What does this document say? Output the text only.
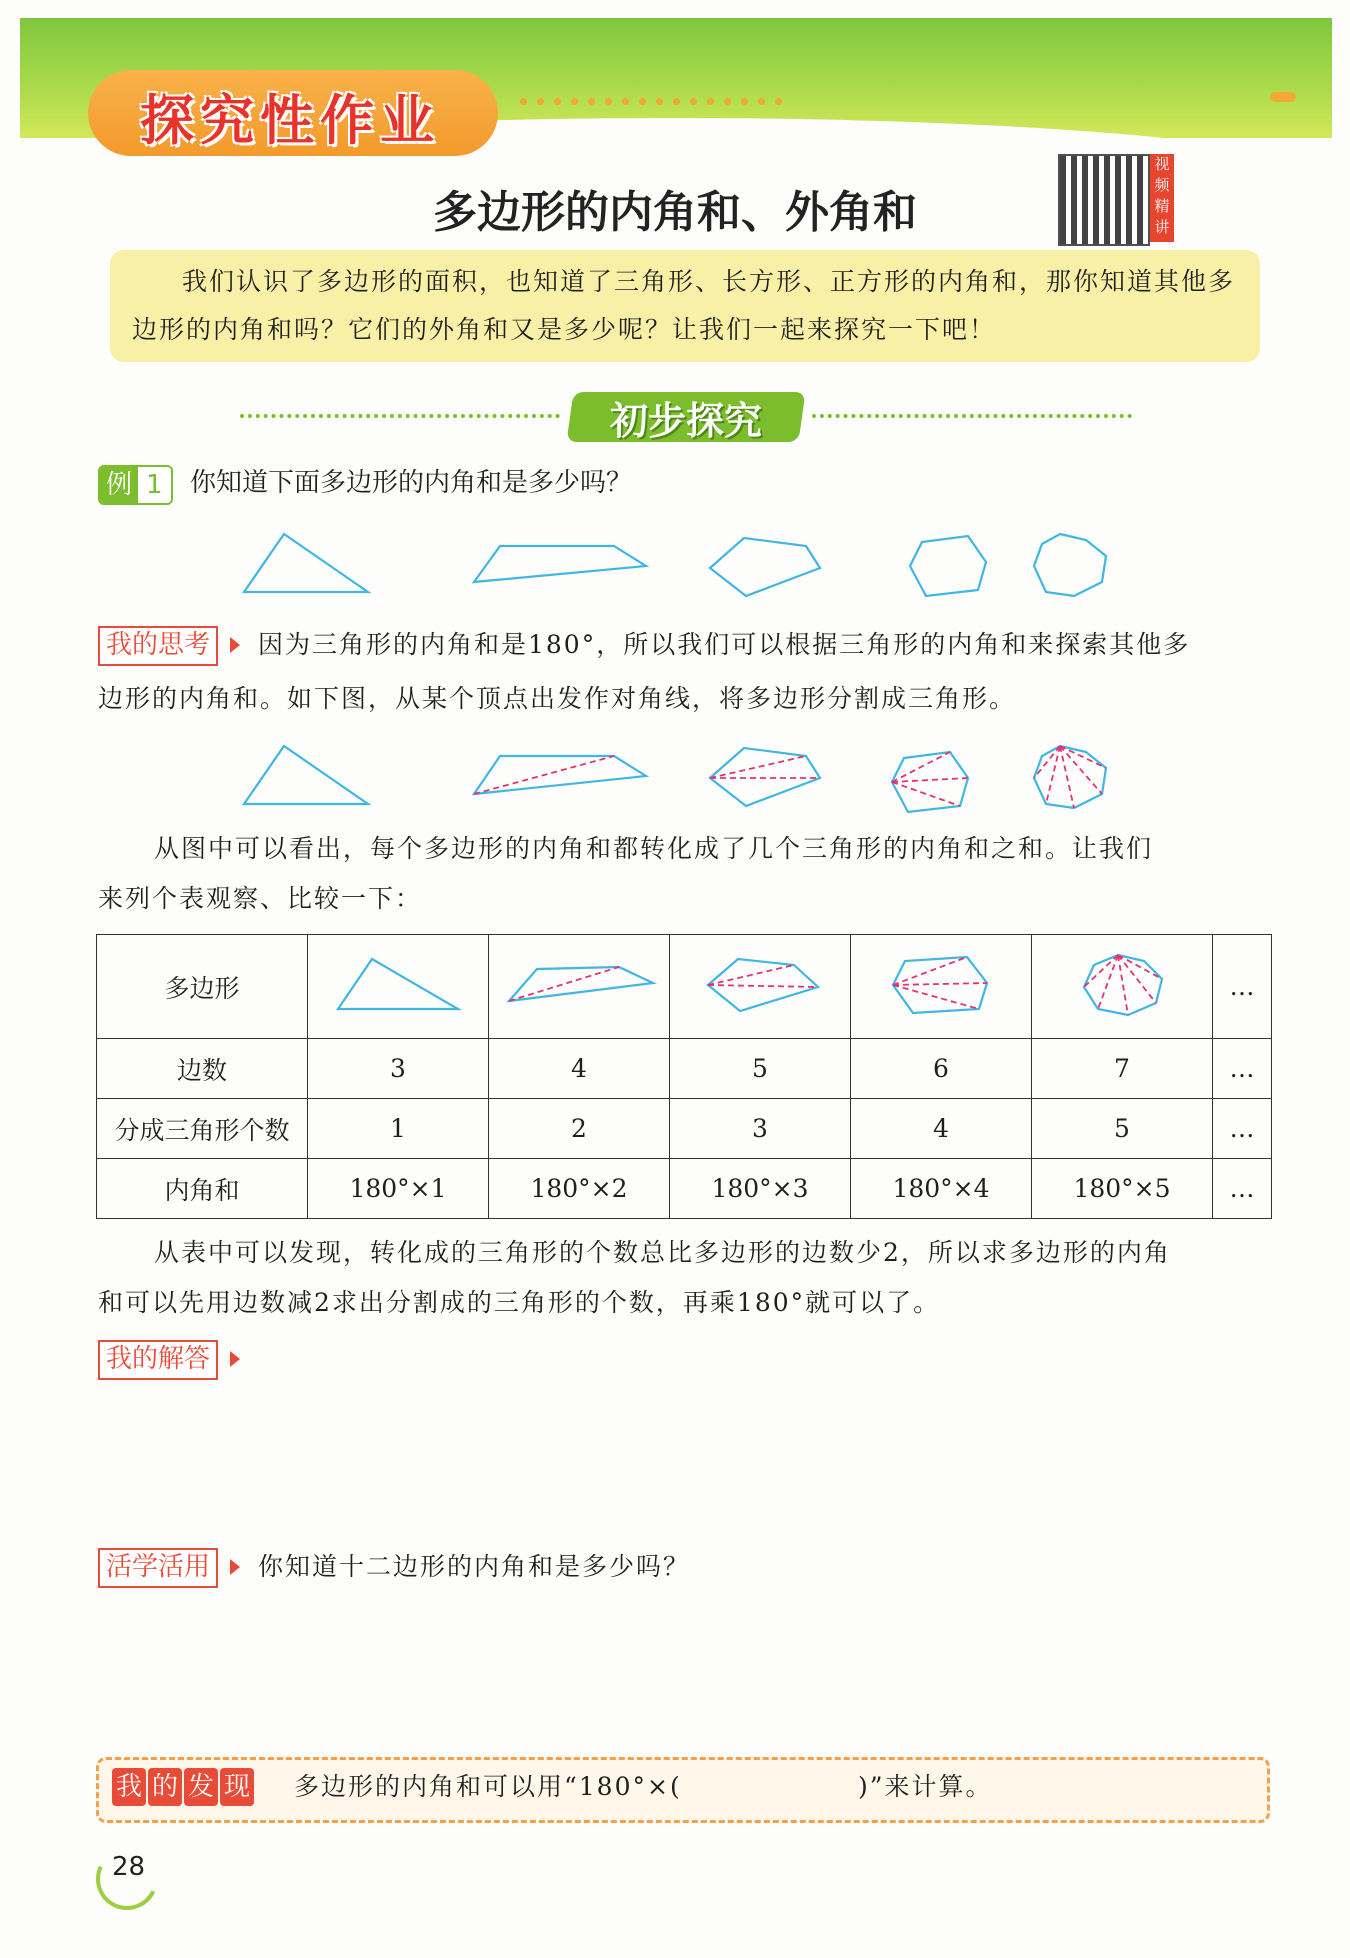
探究性作业
多边形的内角和、外角和
视频精讲
我们认识了多边形的面积，也知道了三角形、长方形、正方形的内角和，那你知道其他多边形的内角和吗？它们的外角和又是多少呢？让我们一起来探究一下吧！
初步探究
例 1	你知道下面多边形的内角和是多少吗？
我的思考	因为三角形的内角和是180°，所以我们可以根据三角形的内角和来探索其他多
边形的内角和。如下图，从某个顶点出发作对角线，将多边形分割成三角形。
从图中可以看出，每个多边形的内角和都转化成了几个三角形的内角和之和。让我们
来列个表观察、比较一下：
多边形						…
边数	3	4	5	6	7	…
分成三角形个数	1	2	3	4	5	…
内角和	180°×1	180°×2	180°×3	180°×4	180°×5	…
从表中可以发现，转化成的三角形的个数总比多边形的边数少2，所以求多边形的内角
和可以先用边数减2求出分割成的三角形的个数，再乘180°就可以了。
我的解答
活学活用	你知道十二边形的内角和是多少吗？
我 的 发 现 多边形的内角和可以用“180°×(	)”来计算。
28
